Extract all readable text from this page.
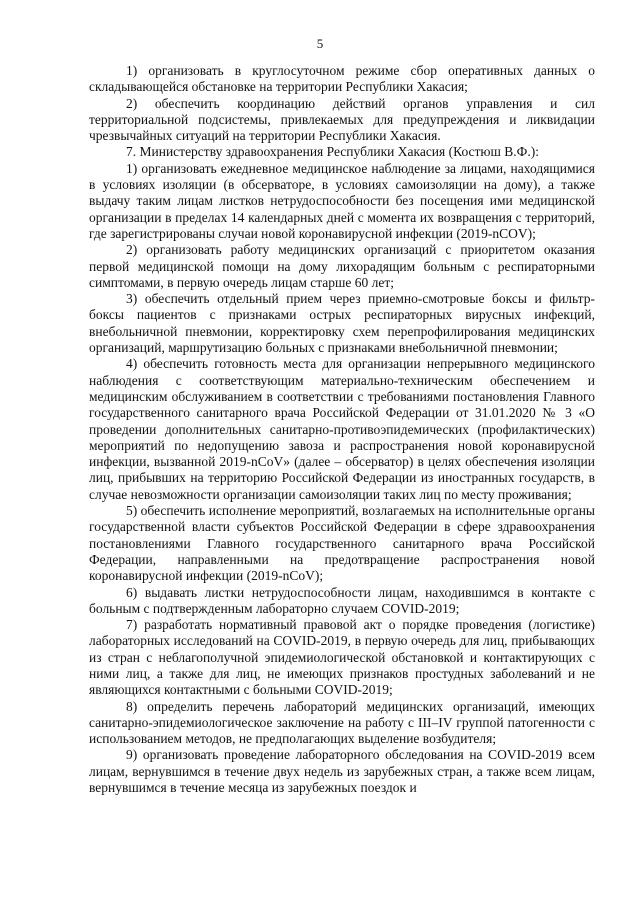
5

1) организовать в круглосуточном режиме сбор оперативных данных о складывающейся обстановке на территории Республики Хакасия;

2) обеспечить координацию действий органов управления и сил территориальной подсистемы, привлекаемых для предупреждения и ликвидации чрезвычайных ситуаций на территории Республики Хакасия.

7. Министерству здравоохранения Республики Хакасия (Костюш В.Ф.):

1) организовать ежедневное медицинское наблюдение за лицами, находящимися в условиях изоляции (в обсерваторе, в условиях самоизоляции на дому), а также выдачу таким лицам листков нетрудоспособности без посещения ими медицинской организации в пределах 14 календарных дней с момента их возвращения с территорий, где зарегистрированы случаи новой коронавирусной инфекции (2019-nCOV);

2) организовать работу медицинских организаций с приоритетом оказания первой медицинской помощи на дому лихорадящим больным с респираторными симптомами, в первую очередь лицам старше 60 лет;

3) обеспечить отдельный прием через приемно-смотровые боксы и фильтр-боксы пациентов с признаками острых респираторных вирусных инфекций, внебольничной пневмонии, корректировку схем перепрофилирования медицинских организаций, маршрутизацию больных с признаками внебольничной пневмонии;

4) обеспечить готовность места для организации непрерывного медицинского наблюдения с соответствующим материально-техническим обеспечением и медицинским обслуживанием в соответствии с требованиями постановления Главного государственного санитарного врача Российской Федерации от 31.01.2020 № 3 «О проведении дополнительных санитарно-противоэпидемических (профилактических) мероприятий по недопущению завоза и распространения новой коронавирусной инфекции, вызванной 2019-nCoV» (далее – обсерватор) в целях обеспечения изоляции лиц, прибывших на территорию Российской Федерации из иностранных государств, в случае невозможности организации самоизоляции таких лиц по месту проживания;

5) обеспечить исполнение мероприятий, возлагаемых на исполнительные органы государственной власти субъектов Российской Федерации в сфере здравоохранения постановлениями Главного государственного санитарного врача Российской Федерации, направленными на предотвращение распространения новой коронавирусной инфекции (2019-nCoV);

6) выдавать листки нетрудоспособности лицам, находившимся в контакте с больным с подтвержденным лабораторно случаем COVID-2019;

7) разработать нормативный правовой акт о порядке проведения (логистике) лабораторных исследований на COVID-2019, в первую очередь для лиц, прибывающих из стран с неблагополучной эпидемиологической обстановкой и контактирующих с ними лиц, а также для лиц, не имеющих признаков простудных заболеваний и не являющихся контактными с больными COVID-2019;

8) определить перечень лабораторий медицинских организаций, имеющих санитарно-эпидемиологическое заключение на работу с III–IV группой патогенности с использованием методов, не предполагающих выделение возбудителя;

9) организовать проведение лабораторного обследования на COVID-2019 всем лицам, вернувшимся в течение двух недель из зарубежных стран, а также всем лицам, вернувшимся в течение месяца из зарубежных поездок и
